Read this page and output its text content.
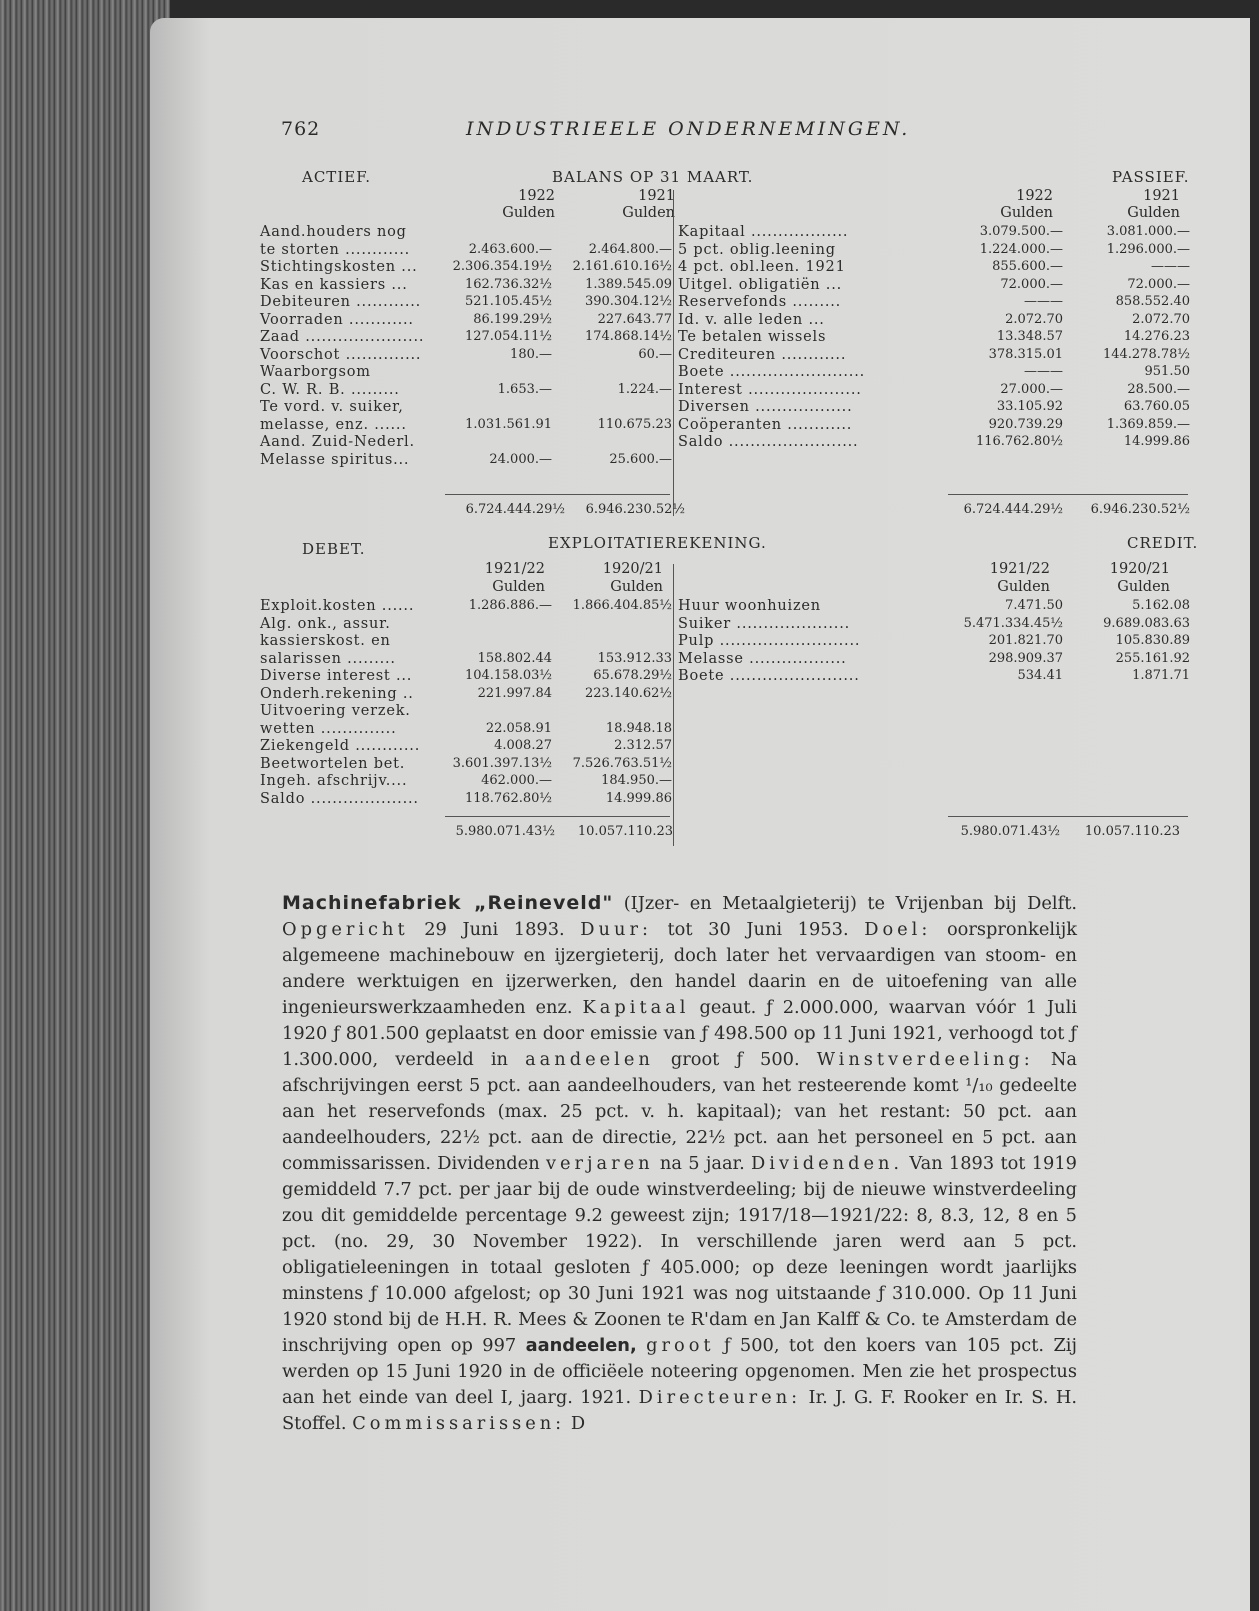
762	INDUSTRIEELE ONDERNEMINGEN.
ACTIEF.	BALANS OP 31 MAART.	PASSIEF.
1922	1921
Gulden	Gulden
1922	1921
Gulden	Gulden
Aand.houders nog
te storten ............	2.463.600.—	2.464.800.—
Stichtingskosten ...	2.306.354.19½	2.161.610.16½
Kas en kassiers ...	162.736.32½	1.389.545.09
Debiteuren ............	521.105.45½	390.304.12½
Voorraden ............	86.199.29½	227.643.77
Zaad ......................	127.054.11½	174.868.14½
Voorschot ..............	180.—	60.—
Waarborgsom
C. W. R. B. .........	1.653.—	1.224.—
Te vord. v. suiker,
melasse, enz. ......	1.031.561.91	110.675.23
Aand. Zuid-Nederl.
Melasse spiritus...	24.000.—	25.600.—
Kapitaal ..................	3.079.500.—	3.081.000.—
5 pct. oblig.leening	1.224.000.—	1.296.000.—
4 pct. obl.leen. 1921	855.600.—	———
Uitgel. obligatiën ...	72.000.—	72.000.—
Reservefonds .........	———	858.552.40
Id. v. alle leden ...	2.072.70	2.072.70
Te betalen wissels	13.348.57	14.276.23
Crediteuren ............	378.315.01	144.278.78½
Boete .........................	———	951.50
Interest .....................	27.000.—	28.500.—
Diversen ..................	33.105.92	63.760.05
Coöperanten ............	920.739.29	1.369.859.—
Saldo ........................	116.762.80½	14.999.86
6.724.444.29½	6.946.230.52½	6.724.444.29½	6.946.230.52½
DEBET.	EXPLOITATIEREKENING.	CREDIT.
1921/22	1920/21
Gulden	Gulden
1921/22	1920/21
Gulden	Gulden
Exploit.kosten ......	1.286.886.—	1.866.404.85½
Alg. onk., assur.
kassierskost. en
salarissen .........	158.802.44	153.912.33
Diverse interest ...	104.158.03½	65.678.29½
Onderh.rekening ..	221.997.84	223.140.62½
Uitvoering verzek.
wetten ..............	22.058.91	18.948.18
Ziekengeld ............	4.008.27	2.312.57
Beetwortelen bet.	3.601.397.13½	7.526.763.51½
Ingeh. afschrijv....	462.000.—	184.950.—
Saldo ....................	118.762.80½	14.999.86
Huur woonhuizen	7.471.50	5.162.08
Suiker .....................	5.471.334.45½	9.689.083.63
Pulp ..........................	201.821.70	105.830.89
Melasse ..................	298.909.37	255.161.92
Boete ........................	534.41	1.871.71
5.980.071.43½	10.057.110.23	5.980.071.43½	10.057.110.23

Machinefabriek „Reineveld" (IJzer- en Metaalgieterij) te Vrijenban bij Delft. Opgericht 29 Juni 1893. Duur: tot 30 Juni 1953. Doel: oorspronkelijk algemeene machinebouw en ijzergieterij, doch later het vervaardigen van stoom- en andere werktuigen en ijzerwerken, den handel daarin en de uitoefening van alle ingenieurswerkzaamheden enz. Kapitaal geaut. ƒ 2.000.000, waarvan vóór 1 Juli 1920 ƒ 801.500 geplaatst en door emissie van ƒ 498.500 op 11 Juni 1921, verhoogd tot ƒ 1.300.000, verdeeld in aandeelen groot ƒ 500. Winstverdeeling: Na afschrijvingen eerst 5 pct. aan aandeelhouders, van het resteerende komt ¹/₁₀ gedeelte aan het reservefonds (max. 25 pct. v. h. kapitaal); van het restant: 50 pct. aan aandeelhouders, 22½ pct. aan de directie, 22½ pct. aan het personeel en 5 pct. aan commissarissen. Dividenden verjaren na 5 jaar. Dividenden. Van 1893 tot 1919 gemiddeld 7.7 pct. per jaar bij de oude winstverdeeling; bij de nieuwe winstverdeeling zou dit gemiddelde percentage 9.2 geweest zijn; 1917/18—1921/22: 8, 8.3, 12, 8 en 5 pct. (no. 29, 30 November 1922). In verschillende jaren werd aan 5 pct. obligatieleeningen in totaal gesloten ƒ 405.000; op deze leeningen wordt jaarlijks minstens ƒ 10.000 afgelost; op 30 Juni 1921 was nog uitstaande ƒ 310.000. Op 11 Juni 1920 stond bij de H.H. R. Mees & Zoonen te R'dam en Jan Kalff & Co. te Amsterdam de inschrijving open op 997 aandeelen, groot ƒ 500, tot den koers van 105 pct. Zij werden op 15 Juni 1920 in de officiëele noteering opgenomen. Men zie het prospectus aan het einde van deel I, jaarg. 1921. Directeuren: Ir. J. G. F. Rooker en Ir. S. H. Stoffel. Commissarissen: D
